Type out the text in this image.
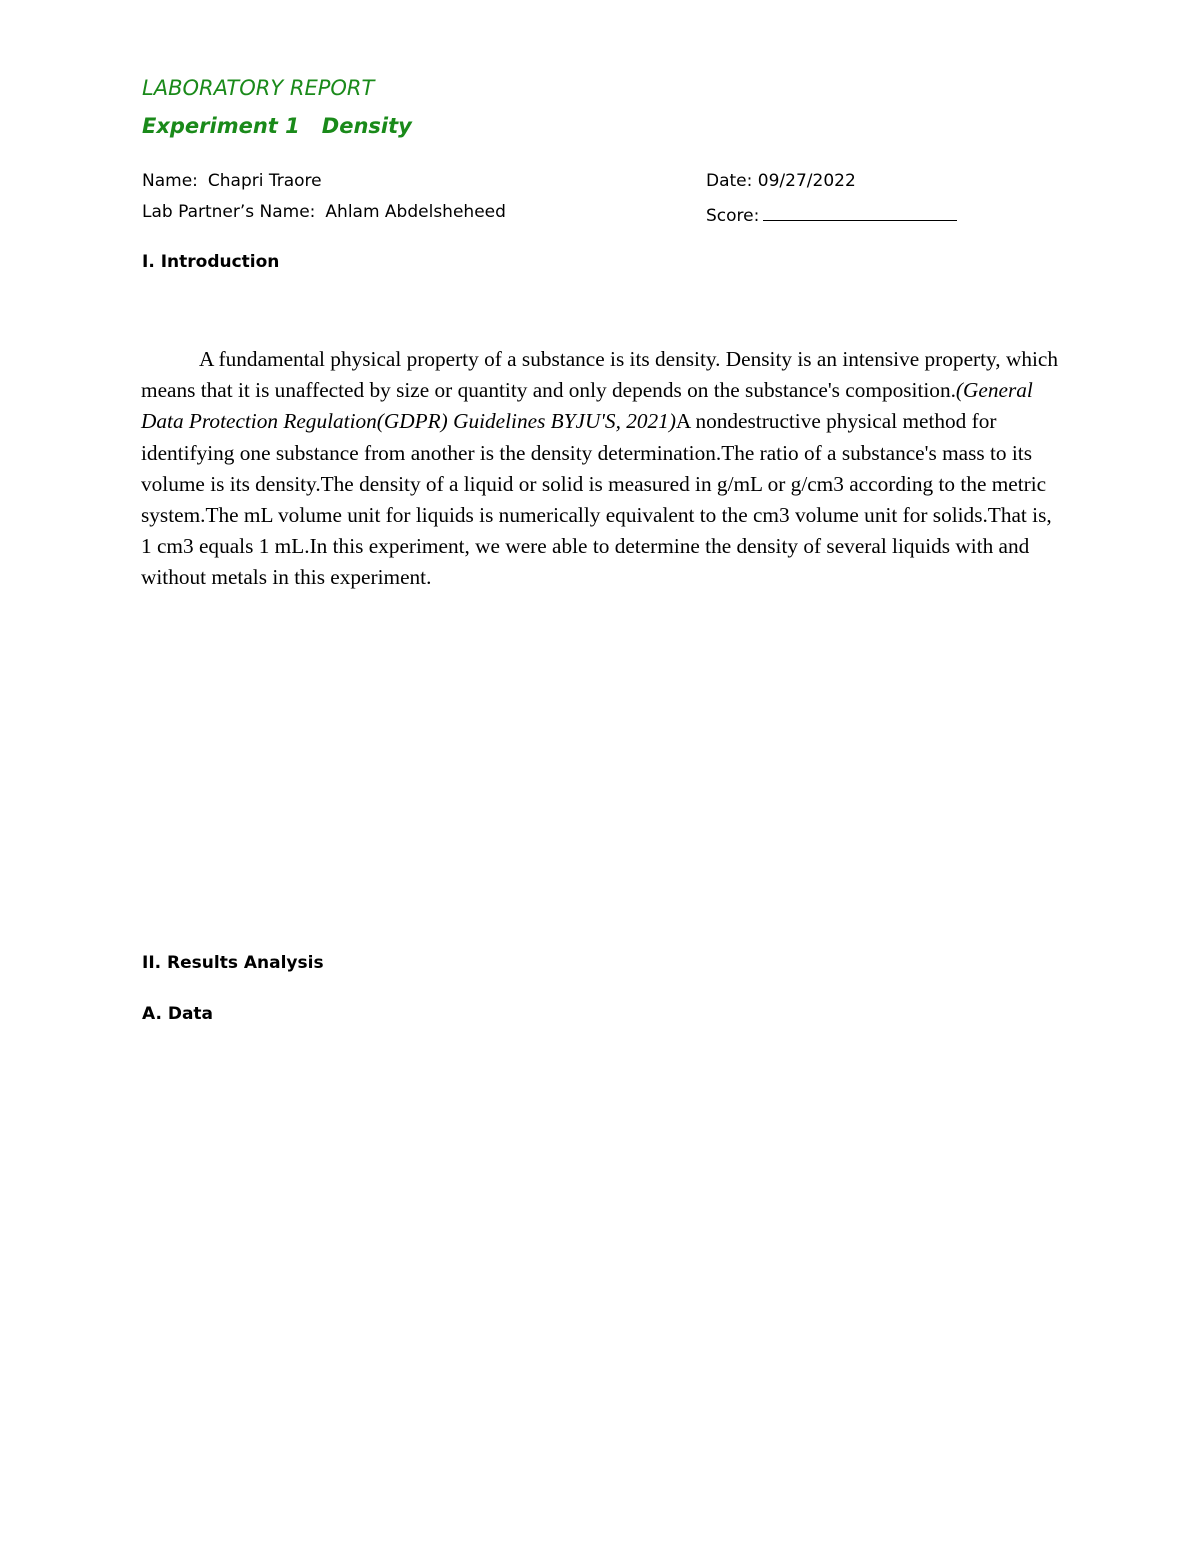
LABORATORY REPORT
Experiment 1 Density
Name: Chapri Traore
Lab Partner’s Name: Ahlam Abdelsheheed
Date: 09/27/2022
Score:
I. Introduction

A fundamental physical property of a substance is its density. Density is an intensive property, which means that it is unaffected by size or quantity and only depends on the substance's composition.(General Data Protection Regulation(GDPR) Guidelines BYJU'S, 2021)A nondestructive physical method for identifying one substance from another is the density determination.The ratio of a substance's mass to its volume is its density.The density of a liquid or solid is measured in g/mL or g/cm3 according to the metric system.The mL volume unit for liquids is numerically equivalent to the cm3 volume unit for solids.That is, 1 cm3 equals 1 mL.In this experiment, we were able to determine the density of several liquids with and without metals in this experiment.

II. Results Analysis
A. Data
